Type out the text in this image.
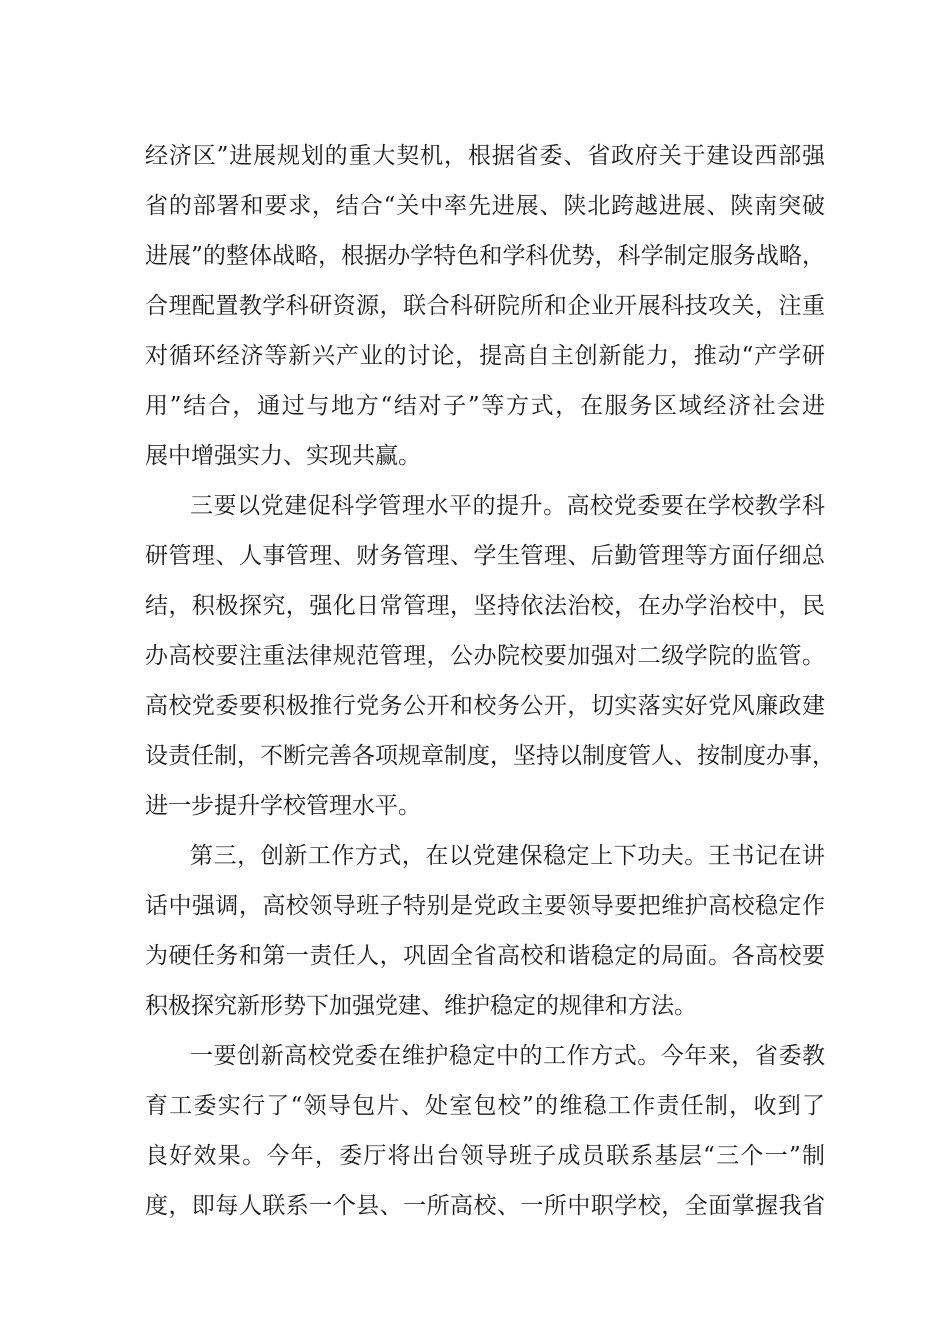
经济区”进展规划的重大契机，根据省委、省政府关于建设西部强
省的部署和要求，结合“关中率先进展、陕北跨越进展、陕南突破
进展”的整体战略，根据办学特色和学科优势，科学制定服务战略，
合理配置教学科研资源，联合科研院所和企业开展科技攻关，注重
对循环经济等新兴产业的讨论，提高自主创新能力，推动“产学研
用”结合，通过与地方“结对子”等方式，在服务区域经济社会进
展中增强实力、实现共赢。
三要以党建促科学管理水平的提升。高校党委要在学校教学科
研管理、人事管理、财务管理、学生管理、后勤管理等方面仔细总
结，积极探究，强化日常管理，坚持依法治校，在办学治校中，民
办高校要注重法律规范管理，公办院校要加强对二级学院的监管。
高校党委要积极推行党务公开和校务公开，切实落实好党风廉政建
设责任制，不断完善各项规章制度，坚持以制度管人、按制度办事，
进一步提升学校管理水平。
第三，创新工作方式，在以党建保稳定上下功夫。王书记在讲
话中强调，高校领导班子特别是党政主要领导要把维护高校稳定作
为硬任务和第一责任人，巩固全省高校和谐稳定的局面。各高校要
积极探究新形势下加强党建、维护稳定的规律和方法。
一要创新高校党委在维护稳定中的工作方式。今年来，省委教
育工委实行了“领导包片、处室包校”的维稳工作责任制，收到了
良好效果。今年，委厅将出台领导班子成员联系基层“三个一”制
度，即每人联系一个县、一所高校、一所中职学校，全面掌握我省
